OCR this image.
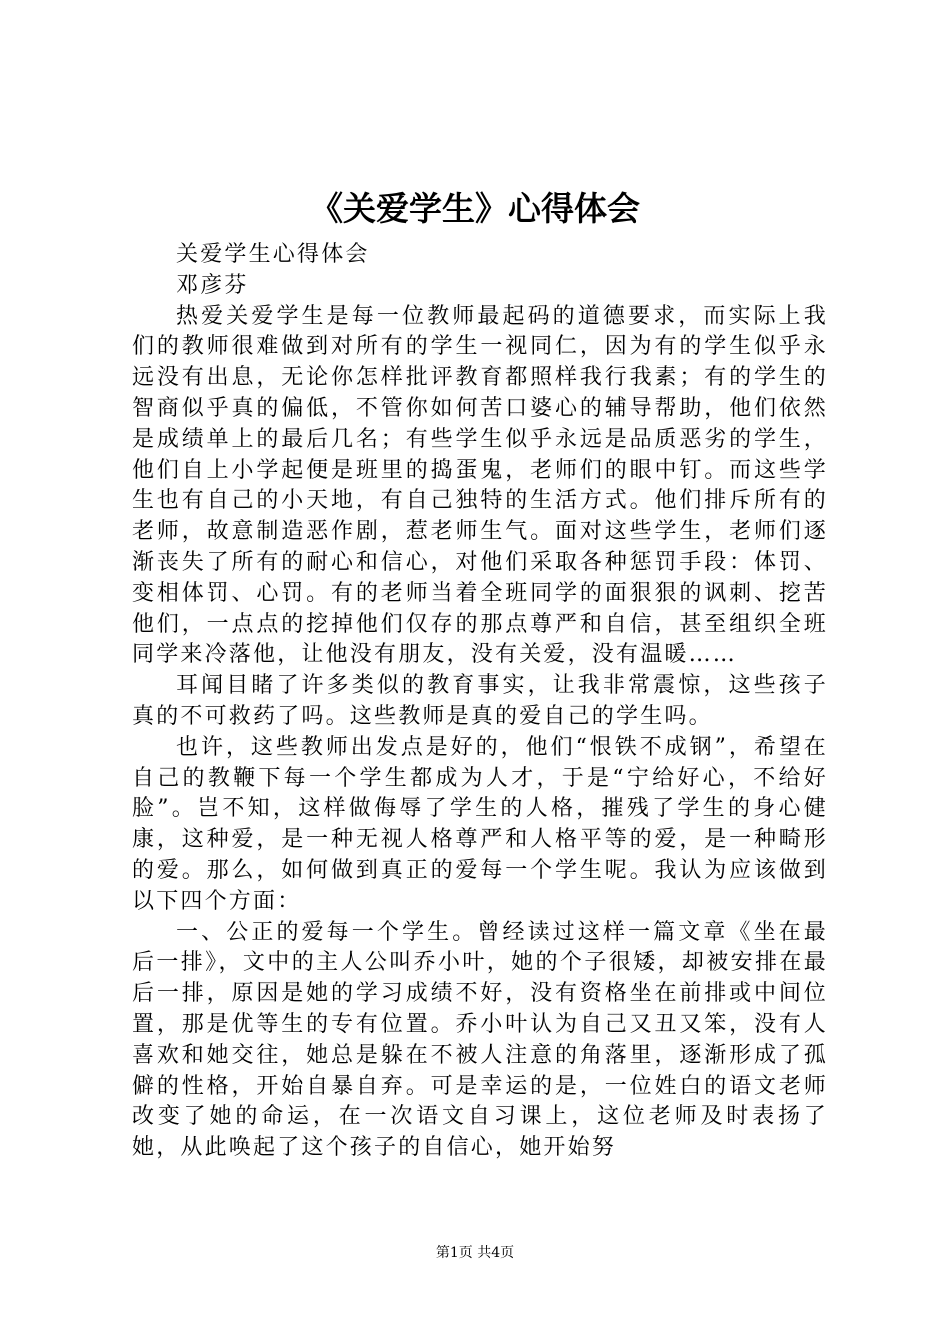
《关爱学生》心得体会

关爱学生心得体会

邓彦芬

热爱关爱学生是每一位教师最起码的道德要求，而实际上我们的教师很难做到对所有的学生一视同仁，因为有的学生似乎永远没有出息，无论你怎样批评教育都照样我行我素；有的学生的智商似乎真的偏低，不管你如何苦口婆心的辅导帮助，他们依然是成绩单上的最后几名；有些学生似乎永远是品质恶劣的学生，他们自上小学起便是班里的捣蛋鬼，老师们的眼中钉。而这些学生也有自己的小天地，有自己独特的生活方式。他们排斥所有的老师，故意制造恶作剧，惹老师生气。面对这些学生，老师们逐渐丧失了所有的耐心和信心，对他们采取各种惩罚手段：体罚、变相体罚、心罚。有的老师当着全班同学的面狠狠的讽刺、挖苦他们，一点点的挖掉他们仅存的那点尊严和自信，甚至组织全班同学来冷落他，让他没有朋友，没有关爱，没有温暖……

耳闻目睹了许多类似的教育事实，让我非常震惊，这些孩子真的不可救药了吗。这些教师是真的爱自己的学生吗。

也许，这些教师出发点是好的，他们“恨铁不成钢”，希望在自己的教鞭下每一个学生都成为人才，于是“宁给好心，不给好脸”。岂不知，这样做侮辱了学生的人格，摧残了学生的身心健康，这种爱，是一种无视人格尊严和人格平等的爱，是一种畸形的爱。那么，如何做到真正的爱每一个学生呢。我认为应该做到以下四个方面：

一、公正的爱每一个学生。曾经读过这样一篇文章《坐在最后一排》，文中的主人公叫乔小叶，她的个子很矮，却被安排在最后一排，原因是她的学习成绩不好，没有资格坐在前排或中间位置，那是优等生的专有位置。乔小叶认为自己又丑又笨，没有人喜欢和她交往，她总是躲在不被人注意的角落里，逐渐形成了孤僻的性格，开始自暴自弃。可是幸运的是，一位姓白的语文老师改变了她的命运，在一次语文自习课上，这位老师及时表扬了她，从此唤起了这个孩子的自信心，她开始努

第1页 共4页
